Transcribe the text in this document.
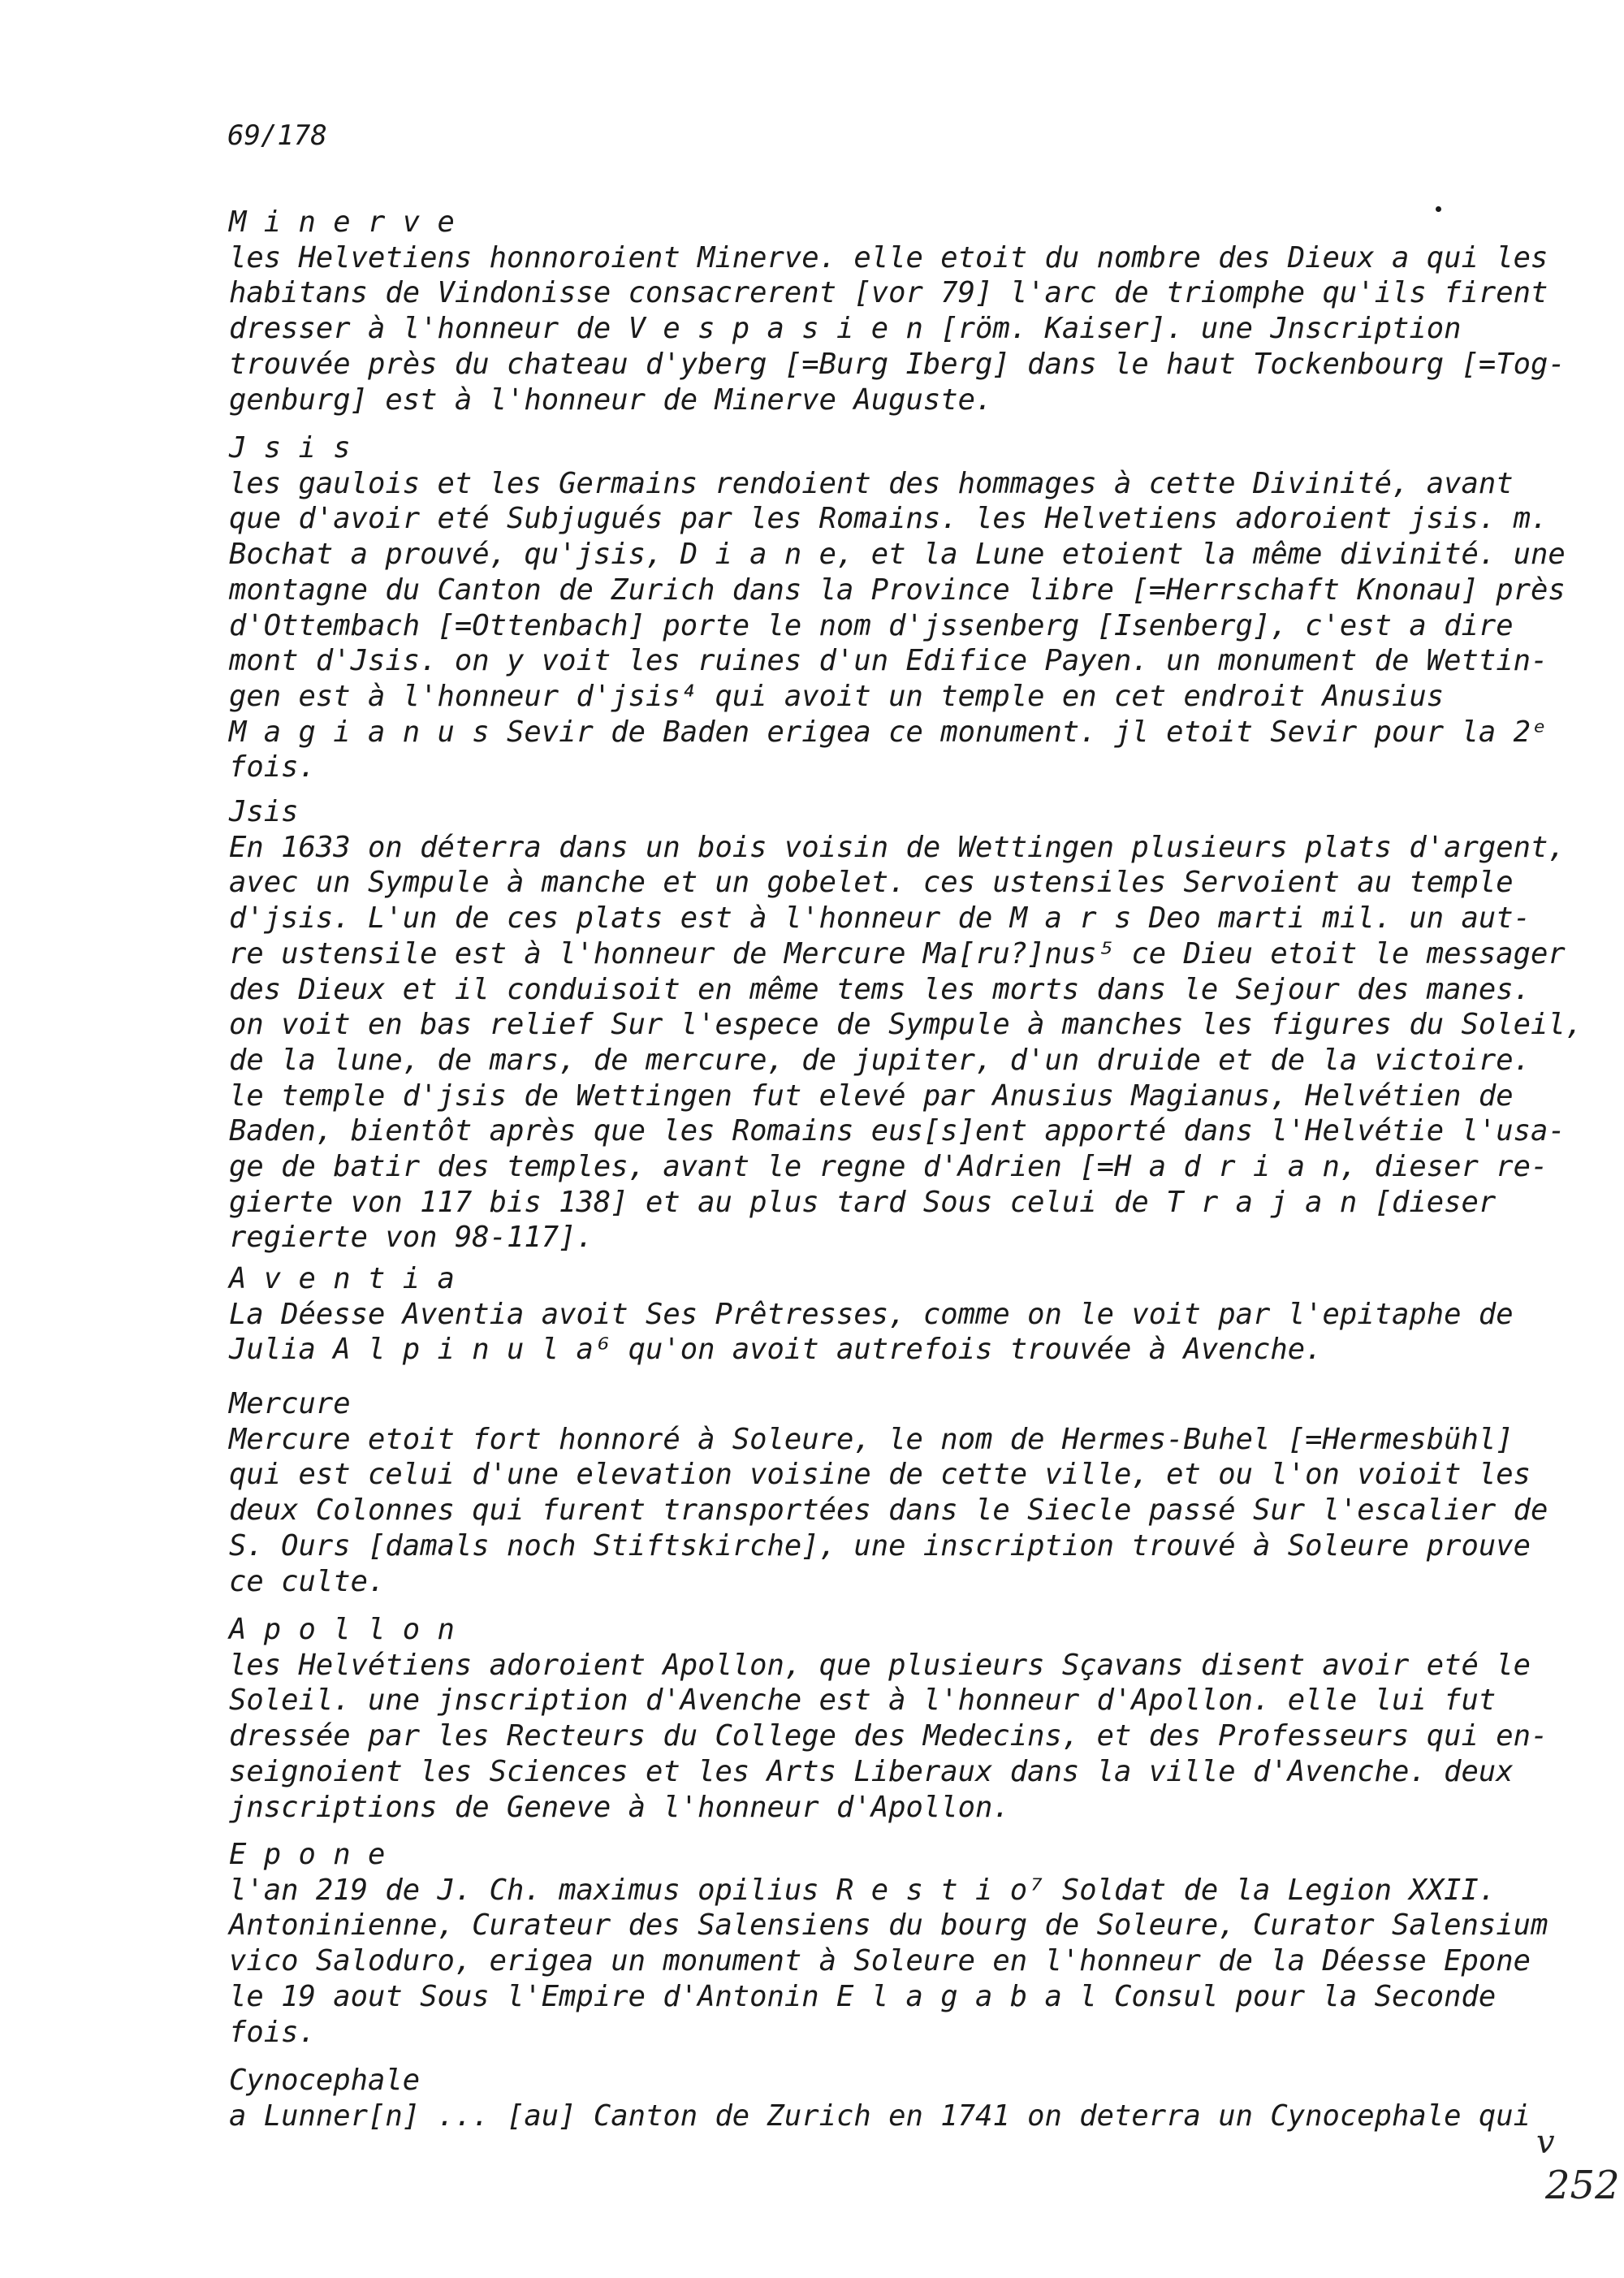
69/178
M i n e r v e
les Helvetiens honnoroient Minerve. elle etoit du nombre des Dieux a qui les
habitans de Vindonisse consacrerent [vor 79] l'arc de triomphe qu'ils firent
dresser à l'honneur de V e s p a s i e n [röm. Kaiser]. une Jnscription
trouvée près du chateau d'yberg [=Burg Iberg] dans le haut Tockenbourg [=Tog-
genburg] est à l'honneur de Minerve Auguste.
J s i s
les gaulois et les Germains rendoient des hommages à cette Divinité, avant
que d'avoir eté Subjugués par les Romains. les Helvetiens adoroient jsis. m.
Bochat a prouvé, qu'jsis, D i a n e, et la Lune etoient la même divinité. une
montagne du Canton de Zurich dans la Province libre [=Herrschaft Knonau] près
d'Ottembach [=Ottenbach] porte le nom d'jssenberg [Isenberg], c'est a dire
mont d'Jsis. on y voit les ruines d'un Edifice Payen. un monument de Wettin-
gen est à l'honneur d'jsis⁴ qui avoit un temple en cet endroit Anusius
M a g i a n u s Sevir de Baden erigea ce monument. jl etoit Sevir pour la 2ᵉ
fois.
Jsis
En 1633 on déterra dans un bois voisin de Wettingen plusieurs plats d'argent,
avec un Sympule à manche et un gobelet. ces ustensiles Servoient au temple
d'jsis. L'un de ces plats est à l'honneur de M a r s Deo marti mil. un aut-
re ustensile est à l'honneur de Mercure Ma[ru?]nus⁵ ce Dieu etoit le messager
des Dieux et il conduisoit en même tems les morts dans le Sejour des manes.
on voit en bas relief Sur l'espece de Sympule à manches les figures du Soleil,
de la lune, de mars, de mercure, de jupiter, d'un druide et de la victoire.
le temple d'jsis de Wettingen fut elevé par Anusius Magianus, Helvétien de
Baden, bientôt après que les Romains eus[s]ent apporté dans l'Helvétie l'usa-
ge de batir des temples, avant le regne d'Adrien [=H a d r i a n, dieser re-
gierte von 117 bis 138] et au plus tard Sous celui de T r a j a n [dieser
regierte von 98-117].
A v e n t i a
La Déesse Aventia avoit Ses Prêtresses, comme on le voit par l'epitaphe de
Julia A l p i n u l a⁶ qu'on avoit autrefois trouvée à Avenche.
Mercure
Mercure etoit fort honnoré à Soleure, le nom de Hermes-Buhel [=Hermesbühl]
qui est celui d'une elevation voisine de cette ville, et ou l'on voioit les
deux Colonnes qui furent transportées dans le Siecle passé Sur l'escalier de
S. Ours [damals noch Stiftskirche], une inscription trouvé à Soleure prouve
ce culte.
A p o l l o n
les Helvétiens adoroient Apollon, que plusieurs Sçavans disent avoir eté le
Soleil. une jnscription d'Avenche est à l'honneur d'Apollon. elle lui fut
dressée par les Recteurs du College des Medecins, et des Professeurs qui en-
seignoient les Sciences et les Arts Liberaux dans la ville d'Avenche. deux
jnscriptions de Geneve à l'honneur d'Apollon.
E p o n e
l'an 219 de J. Ch. maximus opilius R e s t i o⁷ Soldat de la Legion XXII.
Antoninienne, Curateur des Salensiens du bourg de Soleure, Curator Salensium
vico Saloduro, erigea un monument à Soleure en l'honneur de la Déesse Epone
le 19 aout Sous l'Empire d'Antonin E l a g a b a l Consul pour la Seconde
fois.
Cynocephale
a Lunner[n] ... [au] Canton de Zurich en 1741 on deterra un Cynocephale qui
v
252
